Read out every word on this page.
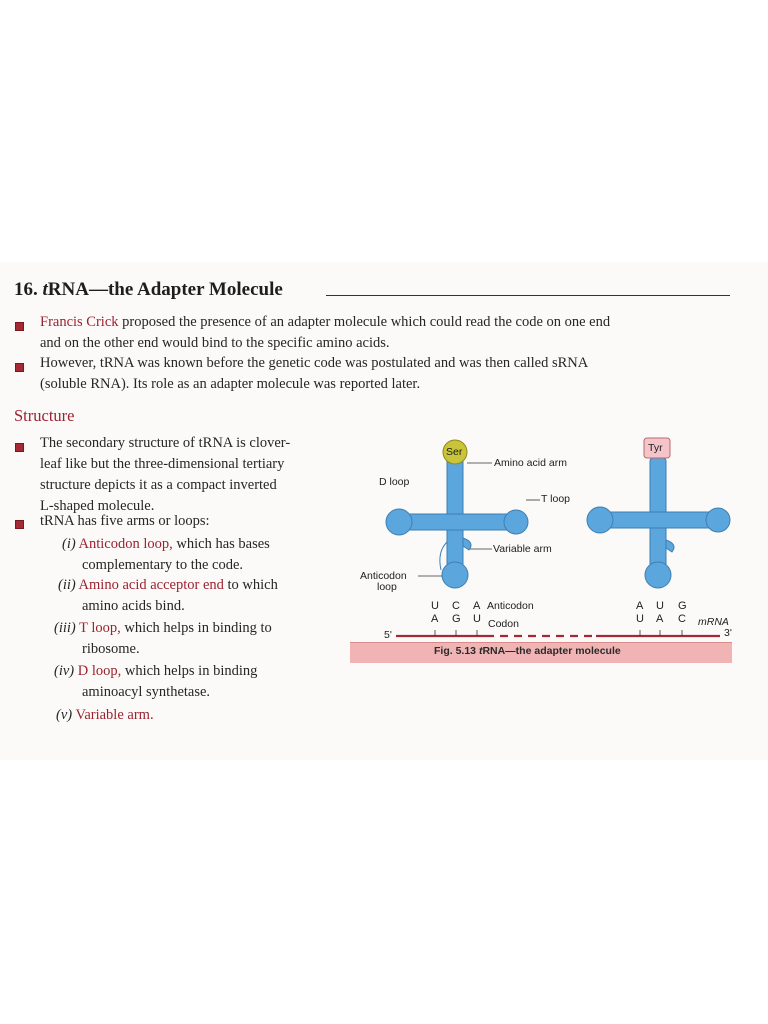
16. tRNA—the Adapter Molecule
Francis Crick proposed the presence of an adapter molecule which could read the code on one end
and on the other end would bind to the specific amino acids.
However, tRNA was known before the genetic code was postulated and was then called sRNA
(soluble RNA). Its role as an adapter molecule was reported later.
Structure
The secondary structure of tRNA is clover-
leaf like but the three-dimensional tertiary
structure depicts it as a compact inverted
L-shaped molecule.
tRNA has five arms or loops:
(i) Anticodon loop, which has bases
complementary to the code.
(ii) Amino acid acceptor end to which
amino acids bind.
(iii) T loop, which helps in binding to
ribosome.
(iv) D loop, which helps in binding
aminoacyl synthetase.
(v) Variable arm.
Ser	Tyr
Amino acid arm
D loop
T loop
Variable arm
Anticodon
loop
U C A Anticodon
A G U Codon
5'
A U G
U A C mRNA
3'
Fig. 5.13 tRNA—the adapter molecule
